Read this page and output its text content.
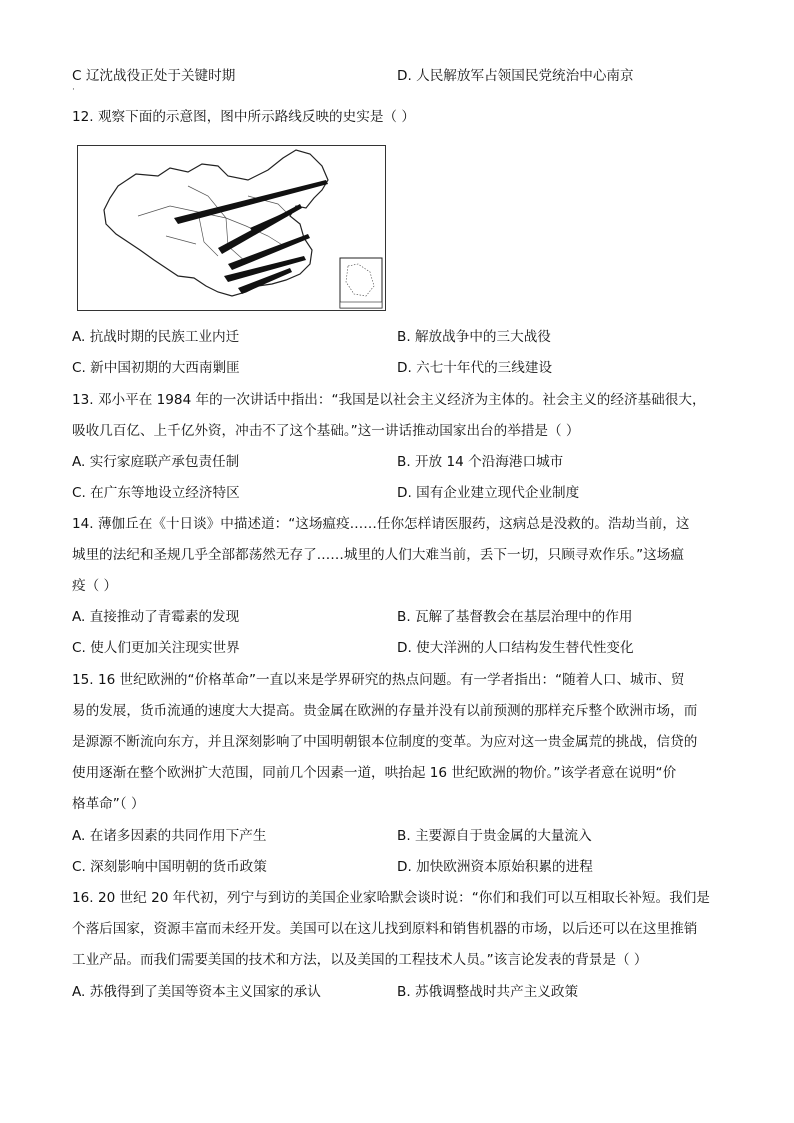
C 辽沈战役正处于关键时期	D. 人民解放军占领国民党统治中心南京
·
12. 观察下面的示意图，图中所示路线反映的史实是（ ）
A. 抗战时期的民族工业内迁	B. 解放战争中的三大战役
C. 新中国初期的大西南剿匪	D. 六七十年代的三线建设
13. 邓小平在 1984 年的一次讲话中指出：“我国是以社会主义经济为主体的。社会主义的经济基础很大，
吸收几百亿、上千亿外资，冲击不了这个基础。”这一讲话推动国家出台的举措是（ ）
A. 实行家庭联产承包责任制	B. 开放 14 个沿海港口城市
C. 在广东等地设立经济特区	D. 国有企业建立现代企业制度
14. 薄伽丘在《十日谈》中描述道：“这场瘟疫……任你怎样请医服药，这病总是没救的。浩劫当前，这
城里的法纪和圣规几乎全部都荡然无存了……城里的人们大难当前，丢下一切，只顾寻欢作乐。”这场瘟
疫（ ）
A. 直接推动了青霉素的发现	B. 瓦解了基督教会在基层治理中的作用
C. 使人们更加关注现实世界	D. 使大洋洲的人口结构发生替代性变化
15. 16 世纪欧洲的“价格革命”一直以来是学界研究的热点问题。有一学者指出：“随着人口、城市、贸
易的发展，货币流通的速度大大提高。贵金属在欧洲的存量并没有以前预测的那样充斥整个欧洲市场，而
是源源不断流向东方，并且深刻影响了中国明朝银本位制度的变革。为应对这一贵金属荒的挑战，信贷的
使用逐渐在整个欧洲扩大范围，同前几个因素一道，哄抬起 16 世纪欧洲的物价。”该学者意在说明“价
格革命”（ ）
A. 在诸多因素的共同作用下产生	B. 主要源自于贵金属的大量流入
C. 深刻影响中国明朝的货币政策	D. 加快欧洲资本原始积累的进程
16. 20 世纪 20 年代初，列宁与到访的美国企业家哈默会谈时说：“你们和我们可以互相取长补短。我们是
个落后国家，资源丰富而未经开发。美国可以在这儿找到原料和销售机器的市场，以后还可以在这里推销
工业产品。而我们需要美国的技术和方法，以及美国的工程技术人员。”该言论发表的背景是（ ）
A. 苏俄得到了美国等资本主义国家的承认	B. 苏俄调整战时共产主义政策
